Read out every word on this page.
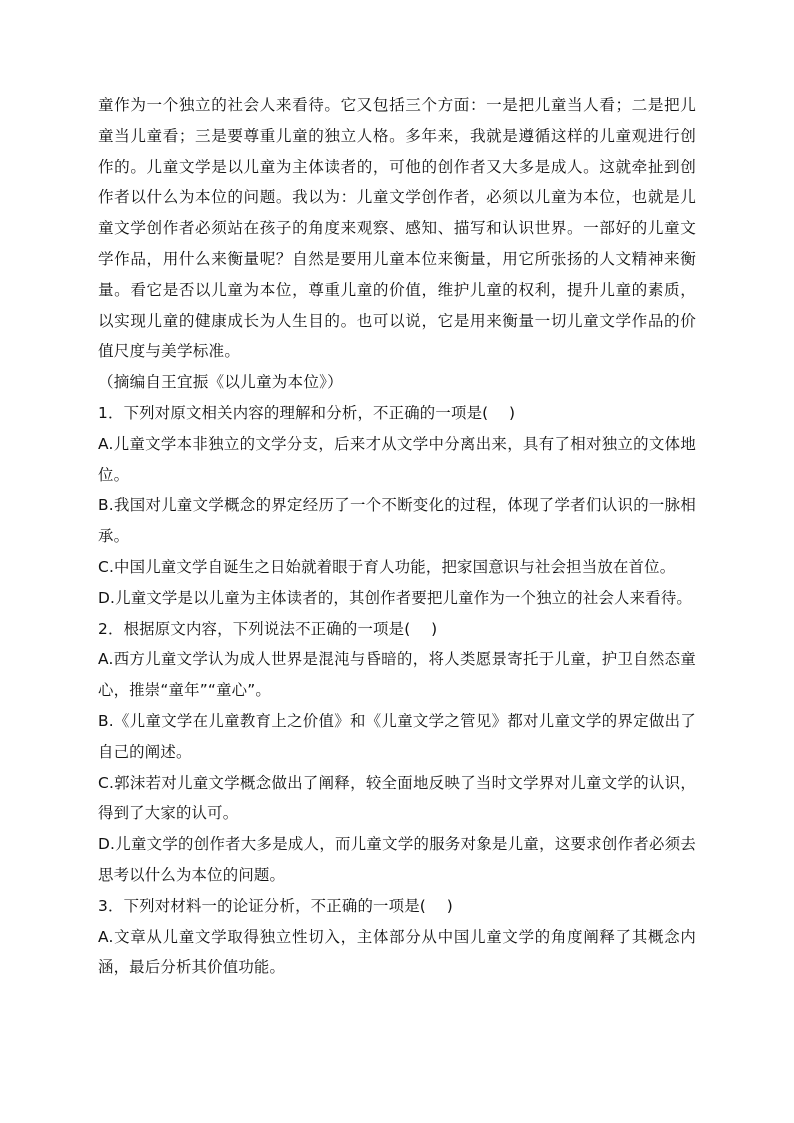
童作为一个独立的社会人来看待。它又包括三个方面：一是把儿童当人看；二是把儿童当儿童看；三是要尊重儿童的独立人格。多年来，我就是遵循这样的儿童观进行创作的。儿童文学是以儿童为主体读者的，可他的创作者又大多是成人。这就牵扯到创作者以什么为本位的问题。我以为：儿童文学创作者，必须以儿童为本位，也就是儿童文学创作者必须站在孩子的角度来观察、感知、描写和认识世界。一部好的儿童文学作品，用什么来衡量呢？自然是要用儿童本位来衡量，用它所张扬的人文精神来衡量。看它是否以儿童为本位，尊重儿童的价值，维护儿童的权利，提升儿童的素质，以实现儿童的健康成长为人生目的。也可以说，它是用来衡量一切儿童文学作品的价值尺度与美学标准。

（摘编自王宜振《以儿童为本位》）

1．下列对原文相关内容的理解和分析，不正确的一项是(　 )

A.儿童文学本非独立的文学分支，后来才从文学中分离出来，具有了相对独立的文体地位。

B.我国对儿童文学概念的界定经历了一个不断变化的过程，体现了学者们认识的一脉相承。

C.中国儿童文学自诞生之日始就着眼于育人功能，把家国意识与社会担当放在首位。

D.儿童文学是以儿童为主体读者的，其创作者要把儿童作为一个独立的社会人来看待。

2．根据原文内容，下列说法不正确的一项是(　 )

A.西方儿童文学认为成人世界是混沌与昏暗的，将人类愿景寄托于儿童，护卫自然态童心，推崇“童年”“童心”。

B.《儿童文学在儿童教育上之价值》和《儿童文学之管见》都对儿童文学的界定做出了自己的阐述。

C.郭沫若对儿童文学概念做出了阐释，较全面地反映了当时文学界对儿童文学的认识，得到了大家的认可。

D.儿童文学的创作者大多是成人，而儿童文学的服务对象是儿童，这要求创作者必须去思考以什么为本位的问题。

3．下列对材料一的论证分析，不正确的一项是(　 )

A.文章从儿童文学取得独立性切入，主体部分从中国儿童文学的角度阐释了其概念内涵，最后分析其价值功能。
